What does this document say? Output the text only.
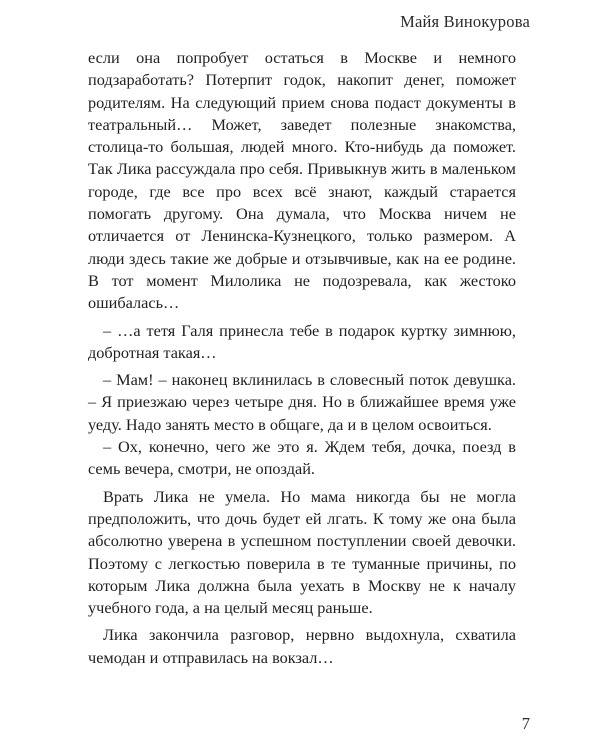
Майя Винокурова

если она попробует остаться в Москве и немного подзаработать? Потерпит годок, накопит денег, поможет родителям. На следующий прием снова подаст документы в театральный… Может, заведет полезные знакомства, столица-то большая, людей много. Кто-нибудь да поможет. Так Лика рассуждала про себя. Привыкнув жить в маленьком городе, где все про всех всё знают, каждый старается помогать другому. Она думала, что Москва ничем не отличается от Ленинска-Кузнецкого, только размером. А люди здесь такие же добрые и отзывчивые, как на ее родине. В тот момент Милолика не подозревала, как жестоко ошибалась…

– …а тетя Галя принесла тебе в подарок куртку зимнюю, добротная такая…

– Мам! – наконец вклинилась в словесный поток девушка. – Я приезжаю через четыре дня. Но в ближайшее время уже уеду. Надо занять место в общаге, да и в целом освоиться.

– Ох, конечно, чего же это я. Ждем тебя, дочка, поезд в семь вечера, смотри, не опоздай.

Врать Лика не умела. Но мама никогда бы не могла предположить, что дочь будет ей лгать. К тому же она была абсолютно уверена в успешном поступлении своей девочки. Поэтому с легкостью поверила в те туманные причины, по которым Лика должна была уехать в Москву не к началу учебного года, а на целый месяц раньше.

Лика закончила разговор, нервно выдохнула, схватила чемодан и отправилась на вокзал…

7
